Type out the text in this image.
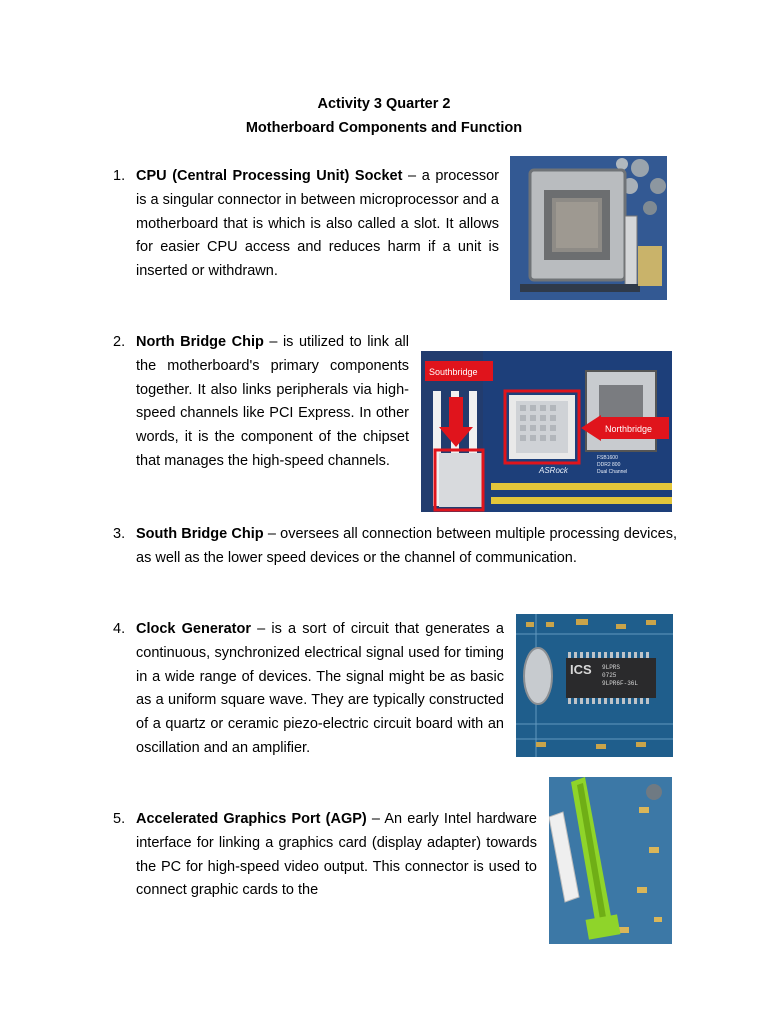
Activity 3 Quarter 2
Motherboard Components and Function
1. CPU (Central Processing Unit) Socket – a processor is a singular connector in between microprocessor and a motherboard that is which is also called a slot. It allows for easier CPU access and reduces harm if a unit is inserted or withdrawn.
2. North Bridge Chip – is utilized to link all the motherboard's primary components together. It also links peripherals via high-speed channels like PCI Express. In other words, it is the component of the chipset that manages the high-speed channels.
Southbridge
Northbridge
ASRock
FSB1600
DDR2 800
Dual Channel
3. South Bridge Chip – oversees all connection between multiple processing devices, as well as the lower speed devices or the channel of communication.
4. Clock Generator – is a sort of circuit that generates a continuous, synchronized electrical signal used for timing in a wide range of devices. The signal might be as basic as a uniform square wave. They are typically constructed of a quartz or ceramic piezo-electric circuit board with an oscillation and an amplifier.
ICS 9LPRS
0725
9LPR6F-36L
5. Accelerated Graphics Port (AGP) – An early Intel hardware interface for linking a graphics card (display adapter) towards the PC for high-speed video output. This connector is used to connect graphic cards to the
